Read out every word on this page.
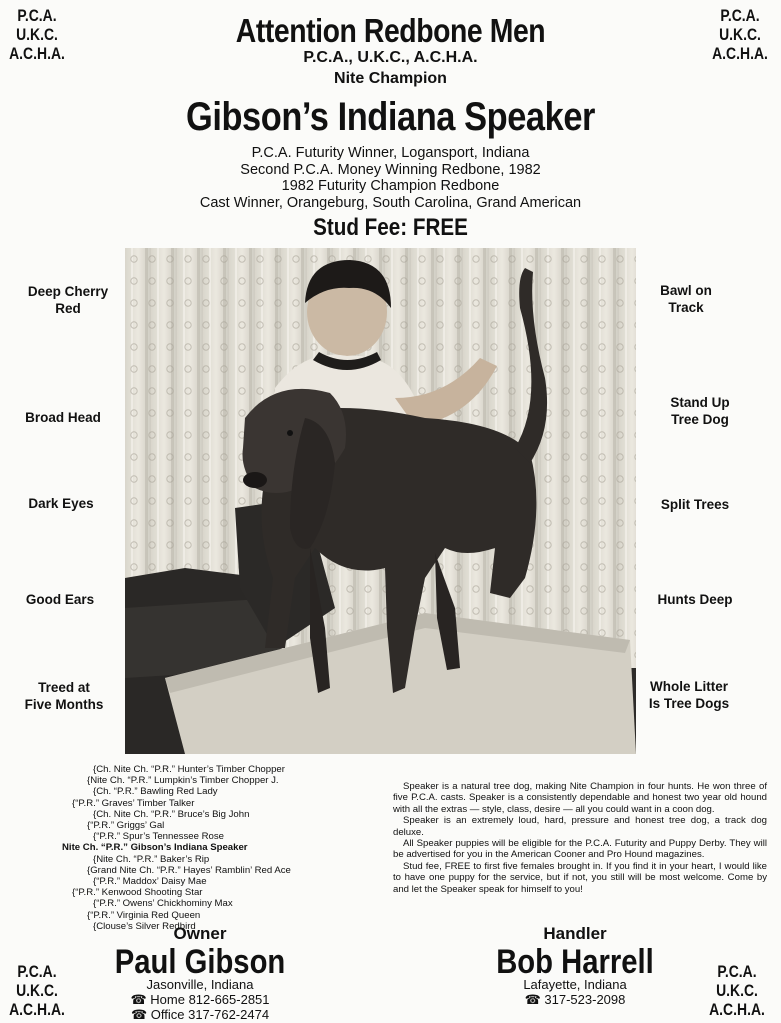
P.C.A.
U.K.C.
A.C.H.A.
P.C.A.
U.K.C.
A.C.H.A.
P.C.A.
U.K.C.
A.C.H.A.
P.C.A.
U.K.C.
A.C.H.A.
Attention Redbone Men
P.C.A., U.K.C., A.C.H.A.
Nite Champion
Gibson’s Indiana Speaker
P.C.A. Futurity Winner, Logansport, Indiana
Second P.C.A. Money Winning Redbone, 1982
1982 Futurity Champion Redbone
Cast Winner, Orangeburg, South Carolina, Grand American
Stud Fee: FREE
Deep Cherry
Red
Broad Head
Dark Eyes
Good Ears
Treed at
Five Months
Bawl on
Track
Stand Up
Tree Dog
Split Trees
Hunts Deep
Whole Litter
Is Tree Dogs
{Ch. Nite Ch. “P.R.” Hunter’s Timber Chopper
{Nite Ch. “P.R.” Lumpkin’s Timber Chopper J.
{Ch. “P.R.” Bawling Red Lady
{“P.R.” Graves’ Timber Talker
{Ch. Nite Ch. “P.R.” Bruce’s Big John
{“P.R.” Griggs’ Gal
{“P.R.” Spur’s Tennessee Rose
Nite Ch. “P.R.” Gibson’s Indiana Speaker
{Nite Ch. “P.R.” Baker’s Rip
{Grand Nite Ch. “P.R.” Hayes’ Ramblin’ Red Ace
{“P.R.” Maddox’ Daisy Mae
{“P.R.” Kenwood Shooting Star
{“P.R.” Owens’ Chickhominy Max
{“P.R.” Virginia Red Queen
{Clouse’s Silver Redbird

Speaker is a natural tree dog, making Nite Champion in four hunts. He won three of five P.C.A. casts. Speaker is a consistently dependable and honest two year old hound with all the extras — style, class, desire — all you could want in a coon dog.

Speaker is an extremely loud, hard, pressure and honest tree dog, a track dog deluxe.

All Speaker puppies will be eligible for the P.C.A. Futurity and Puppy Derby. They will be advertised for you in the American Cooner and Pro Hound magazines.

Stud fee, FREE to first five females brought in. If you find it in your heart, I would like to have one puppy for the service, but if not, you still will be most welcome. Come by and let the Speaker speak for himself to you!

Owner
Paul Gibson
Jasonville, Indiana
☎ Home 812-665-2851
☎ Office 317-762-2474
Handler
Bob Harrell
Lafayette, Indiana
☎ 317-523-2098
